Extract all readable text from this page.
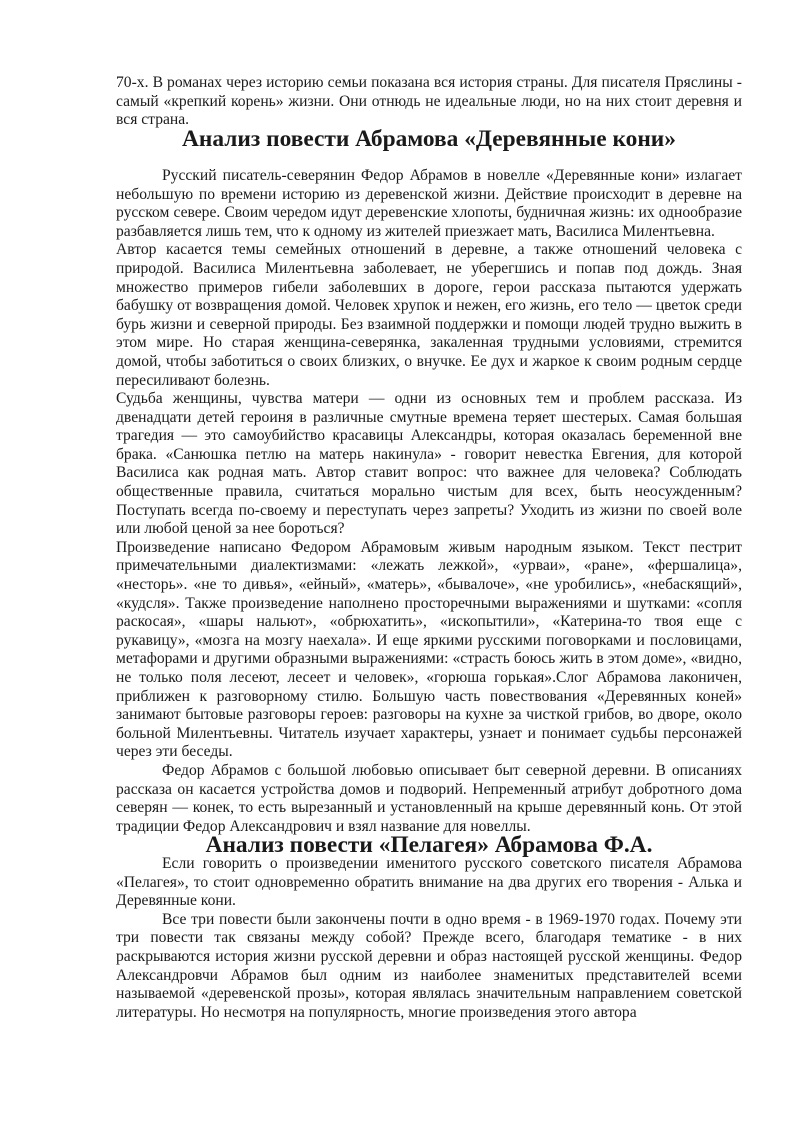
70-х. В романах через историю семьи показана вся история страны. Для писателя Пряслины - самый «крепкий корень» жизни. Они отнюдь не идеальные люди, но на них стоит деревня и вся страна.

Анализ повести Абрамова «Деревянные кони»

Русский писатель-северянин Федор Абрамов в новелле «Деревянные кони» излагает небольшую по времени историю из деревенской жизни. Действие происходит в деревне на русском севере. Своим чередом идут деревенские хлопоты, будничная жизнь: их однообразие разбавляется лишь тем, что к одному из жителей приезжает мать, Василиса Милентьевна.

Автор касается темы семейных отношений в деревне, а также отношений человека с природой. Василиса Милентьевна заболевает, не уберегшись и попав под дождь. Зная множество примеров гибели заболевших в дороге, герои рассказа пытаются удержать бабушку от возвращения домой. Человек хрупок и нежен, его жизнь, его тело — цветок среди бурь жизни и северной природы. Без взаимной поддержки и помощи людей трудно выжить в этом мире. Но старая женщина-северянка, закаленная трудными условиями, стремится домой, чтобы заботиться о своих близких, о внучке. Ее дух и жаркое к своим родным сердце пересиливают болезнь.

Судьба женщины, чувства матери — одни из основных тем и проблем рассказа. Из двенадцати детей героиня в различные смутные времена теряет шестерых. Самая большая трагедия — это самоубийство красавицы Александры, которая оказалась беременной вне брака. «Санюшка петлю на матерь накинула» - говорит невестка Евгения, для которой Василиса как родная мать. Автор ставит вопрос: что важнее для человека? Соблюдать общественные правила, считаться морально чистым для всех, быть неосужденным? Поступать всегда по-своему и переступать через запреты? Уходить из жизни по своей воле или любой ценой за нее бороться?

Произведение написано Федором Абрамовым живым народным языком. Текст пестрит примечательными диалектизмами: «лежать лежкой», «урваи», «ране», «фершалица», «несторь». «не то дивья», «ейный», «матерь», «бывалоче», «не уробились», «небаскящий», «кудсля». Также произведение наполнено просторечными выражениями и шутками: «сопля раскосая», «шары нальют», «обрюхатить», «ископытили», «Катерина-то твоя еще с рукавицу», «мозга на мозгу наехала». И еще яркими русскими поговорками и пословицами, метафорами и другими образными выражениями: «страсть боюсь жить в этом доме», «видно, не только поля лесеют, лесеет и человек», «горюша горькая».Слог Абрамова лаконичен, приближен к разговорному стилю. Большую часть повествования «Деревянных коней» занимают бытовые разговоры героев: разговоры на кухне за чисткой грибов, во дворе, около больной Милентьевны. Читатель изучает характеры, узнает и понимает судьбы персонажей через эти беседы.

Федор Абрамов с большой любовью описывает быт северной деревни. В описаниях рассказа он касается устройства домов и подворий. Непременный атрибут добротного дома северян — конек, то есть вырезанный и установленный на крыше деревянный конь. От этой традиции Федор Александрович и взял название для новеллы.

Анализ повести «Пелагея» Абрамова Ф.А.

Если говорить о произведении именитого русского советского писателя Абрамова «Пелагея», то стоит одновременно обратить внимание на два других его творения - Алька и Деревянные кони.

Все три повести были закончены почти в одно время - в 1969-1970 годах. Почему эти три повести так связаны между собой? Прежде всего, благодаря тематике - в них раскрываются история жизни русской деревни и образ настоящей русской женщины. Федор Александровчи Абрамов был одним из наиболее знаменитых представителей всеми называемой «деревенской прозы», которая являлась значительным направлением советской литературы. Но несмотря на популярность, многие произведения этого автора
